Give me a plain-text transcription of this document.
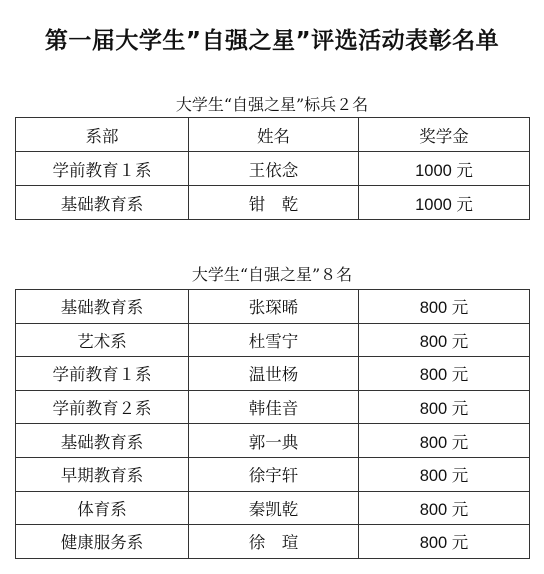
第一届大学生”自强之星”评选活动表彰名单
大学生“自强之星”标兵２名
系部	姓名	奖学金
学前教育１系	王依念	1000 元
基础教育系	钳　乾	1000 元
大学生“自强之星”８名
基础教育系	张琛晞	800 元
艺术系	杜雪宁	800 元
学前教育１系	温世杨	800 元
学前教育２系	韩佳音	800 元
基础教育系	郭一典	800 元
早期教育系	徐宇轩	800 元
体育系	秦凯乾	800 元
健康服务系	徐　瑄	800 元
